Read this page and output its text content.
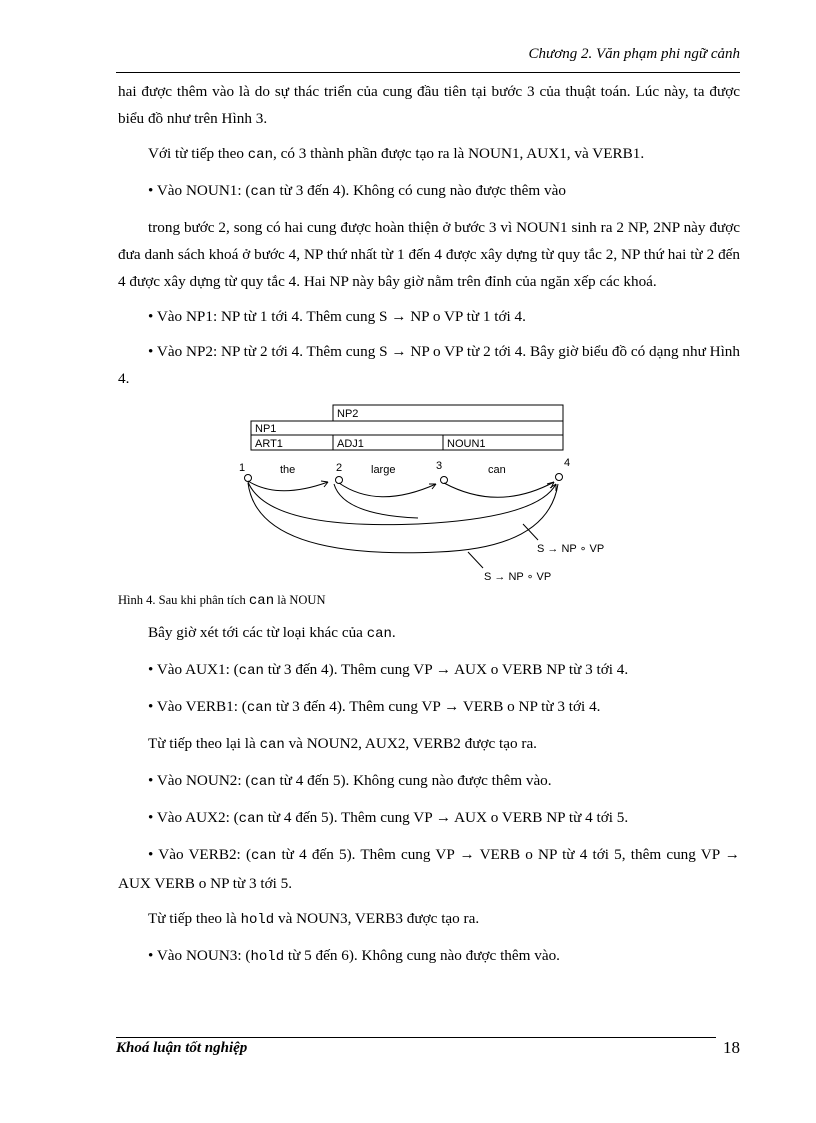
Chương 2. Văn phạm phi ngữ cảnh

hai được thêm vào là do sự thác triển của cung đầu tiên tại bước 3 của thuật toán. Lúc này, ta được biểu đồ như trên Hình 3.

Với từ tiếp theo can, có 3 thành phần được tạo ra là NOUN1, AUX1, và VERB1.

• Vào NOUN1: (can từ 3 đến 4). Không có cung nào được thêm vào

trong bước 2, song có hai cung được hoàn thiện ở bước 3 vì NOUN1 sinh ra 2 NP, 2NP này được đưa danh sách khoá ở bước 4, NP thứ nhất từ 1 đến 4 được xây dựng từ quy tắc 2, NP thứ hai từ 2 đến 4 được xây dựng từ quy tắc 4. Hai NP này bây giờ nằm trên đỉnh của ngăn xếp các khoá.

• Vào NP1: NP từ 1 tới 4. Thêm cung S → NP o VP từ 1 tới 4.

• Vào NP2: NP từ 2 tới 4. Thêm cung S → NP o VP từ 2 tới 4. Bây giờ biểu đồ có dạng như Hình 4.

NP2
NP1
ART1	ADJ1	NOUN1
1	2	3	4
the	large	can
S → NP ∘ VP
S → NP ∘ VP

Hình 4. Sau khi phân tích can là NOUN

Bây giờ xét tới các từ loại khác của can.

• Vào AUX1: (can từ 3 đến 4). Thêm cung VP → AUX o VERB NP từ 3 tới 4.

• Vào VERB1: (can từ 3 đến 4). Thêm cung VP → VERB o NP từ 3 tới 4.

Từ tiếp theo lại là can và NOUN2, AUX2, VERB2 được tạo ra.

• Vào NOUN2: (can từ 4 đến 5). Không cung nào được thêm vào.

• Vào AUX2: (can từ 4 đến 5). Thêm cung VP → AUX o VERB NP từ 4 tới 5.

• Vào VERB2: (can từ 4 đến 5). Thêm cung VP → VERB o NP từ 4 tới 5, thêm cung VP → AUX VERB o NP từ 3 tới 5.

Từ tiếp theo là hold và NOUN3, VERB3 được tạo ra.

• Vào NOUN3: (hold từ 5 đến 6). Không cung nào được thêm vào.

Khoá luận tốt nghiệp	18
